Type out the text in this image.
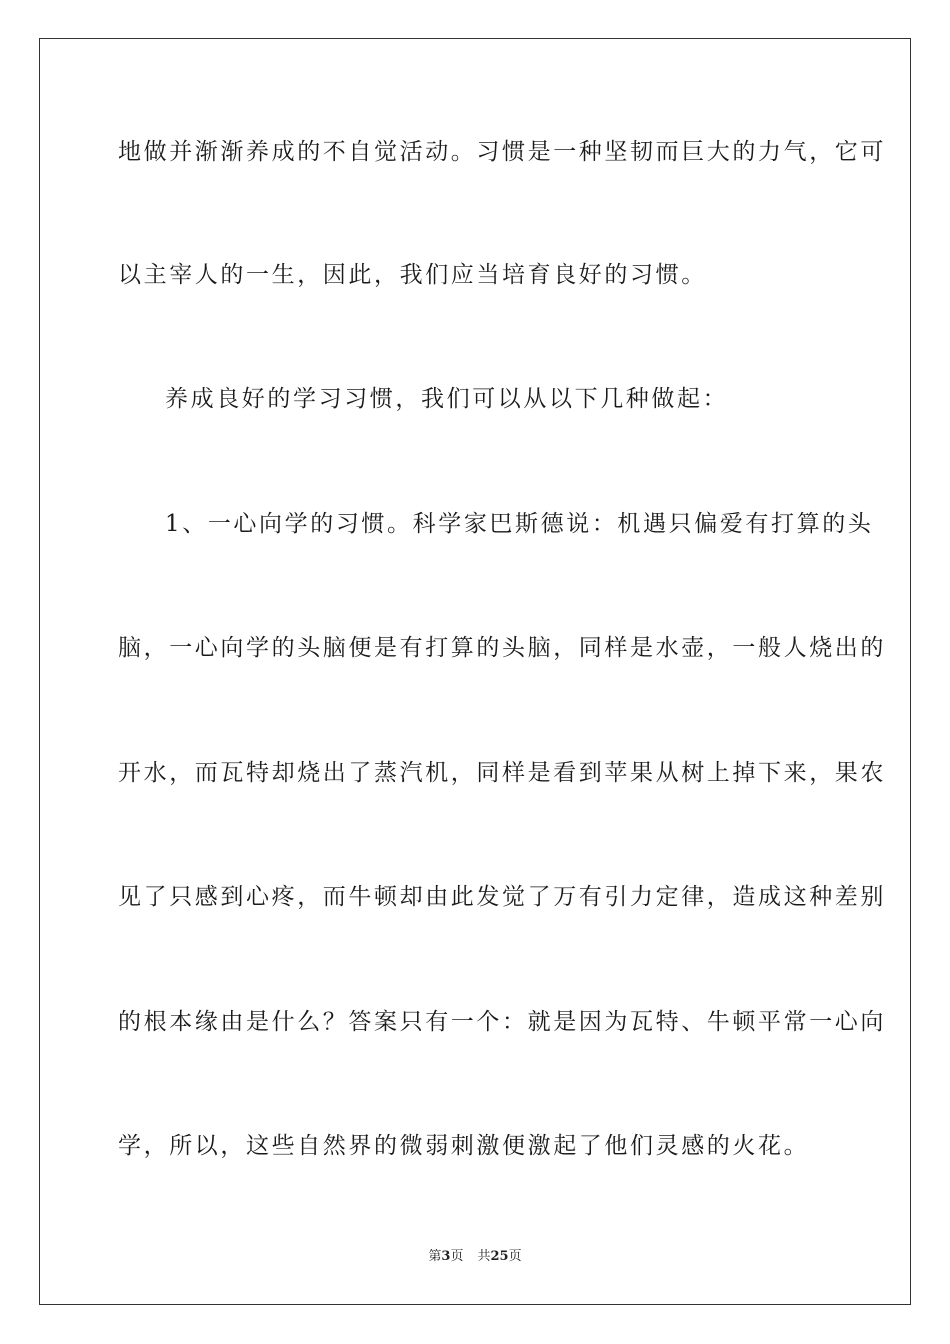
地做并渐渐养成的不自觉活动。习惯是一种坚韧而巨大的力气，它可
以主宰人的一生，因此，我们应当培育良好的习惯。
养成良好的学习习惯，我们可以从以下几种做起：
1、一心向学的习惯。科学家巴斯德说：机遇只偏爱有打算的头
脑，一心向学的头脑便是有打算的头脑，同样是水壶，一般人烧出的
开水，而瓦特却烧出了蒸汽机，同样是看到苹果从树上掉下来，果农
见了只感到心疼，而牛顿却由此发觉了万有引力定律，造成这种差别
的根本缘由是什么？答案只有一个：就是因为瓦特、牛顿平常一心向
学，所以，这些自然界的微弱刺激便激起了他们灵感的火花。
第3页 共25页
